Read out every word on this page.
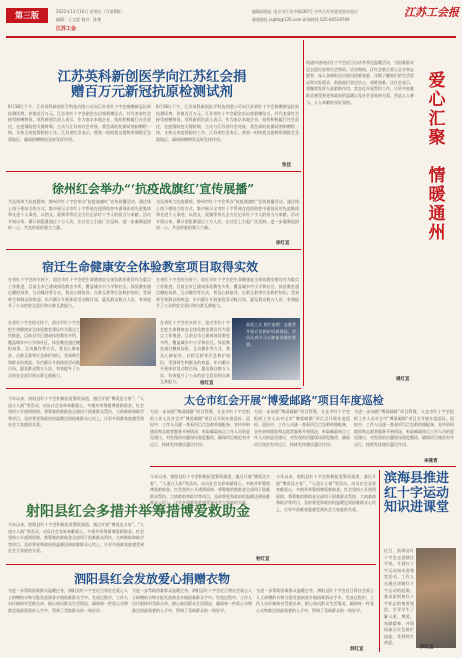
第三版	2022年12月16日 星期五（含第6期）
编辑：王文俊 校对：陈艳
江苏工会
编辑部地址 南京市江东中路265号 中共江苏省委党校东校区
邮箱地址 jsghb@126.com 新闻热线 025-84519789
江苏工会报
江苏英科新创医学向江苏红会捐赠百万元新冠抗原检测试剂
6月18日下午，江苏英科新创医学科技有限公司向江苏省红十字会捐赠新冠抗原检测试剂，价值近百万元。江苏省红十字会副会长出席捐赠仪式，并代表省红会接受捐赠物资。英科新创负责人表示，作为南京本地企业，始终积极履行社会责任，在疫情防控关键时期，主动与江苏省红会对接，将急需的检测试剂捐赠给一线，支持全省疫情防控工作。江苏省红会表示，将第一时间把这批物资调拨至急需地区，确保捐赠物资及时发挥作用。
6月18日下午，江苏英科新创医学科技有限公司向江苏省红十字会捐赠新冠抗原检测试剂，价值近百万元。江苏省红十字会副会长出席捐赠仪式，并代表省红会接受捐赠物资。英科新创负责人表示，作为南京本地企业，始终积极履行社会责任，在疫情防控关键时期，主动与江苏省红会对接，将急需的检测试剂捐赠给一线，支持全省疫情防控工作。江苏省红会表示，将第一时间把这批物资调拨至急需地区，确保捐赠物资及时发挥作用。
张佳
徐州红会举办“‘抗疫战旗红’宣传展播”
为弘扬伟大抗疫精神，徐州市红十字会举办“抗疫战旗红”宣传展播活动，通过线上线下相结合的方式，集中展示全市红十字系统在疫情防控中涌现出的先进集体和先进个人事迹，以图文、视频等形式全方位记录红十字人的担当与奉献。活动开展以来，累计浏览量超过十万人次，在社会上引起广泛反响，进一步凝聚起团结一心、共克时艰的强大力量。
为弘扬伟大抗疫精神，徐州市红十字会举办“抗疫战旗红”宣传展播活动，通过线上线下相结合的方式，集中展示全市红十字系统在疫情防控中涌现出的先进集体和先进个人事迹，以图文、视频等形式全方位记录红十字人的担当与奉献。活动开展以来，累计浏览量超过十万人次，在社会上引起广泛反响，进一步凝聚起团结一心、共克时艰的强大力量。
徐红宣
宿迁生命健康安全体验教室项目取得实效
在省红十字会的支持下，宿迁市红十字会把生命健康安全体验教室建设作为重点工作推进，目前全市已建成体验教室多所，覆盖城乡中小学和社区。体验教室通过模拟场景、互动操作等方式，普及心肺复苏、自救互救等应急救护知识，受到师生和群众的欢迎，年内累计开展体验活动数百场，惠及群众数万人次，有效提升了公众的安全意识和自救互救能力。
在省红十字会的支持下，宿迁市红十字会把生命健康安全体验教室建设作为重点工作推进，目前全市已建成体验教室多所，覆盖城乡中小学和社区。体验教室通过模拟场景、互动操作等方式，普及心肺复苏、自救互救等应急救护知识，受到师生和群众的欢迎，年内累计开展体验活动数百场，惠及群众数万人次，有效提升了公众的安全意识和自救互救能力。
在省红十字会的支持下，宿迁市红十字会把生命健康安全体验教室建设作为重点工作推进，目前全市已建成体验教室多所，覆盖城乡中小学和社区。体验教室通过模拟场景、互动操作等方式，普及心肺复苏、自救互救等应急救护知识，受到师生和群众的欢迎，年内累计开展体验活动数百场，惠及群众数万人次，有效提升了公众的安全意识和自救互救能力。
在省红十字会的支持下，宿迁市红十字会把生命健康安全体验教室建设作为重点工作推进，目前全市已建成体验教室多所，覆盖城乡中小学和社区。体验教室通过模拟场景、互动操作等方式，普及心肺复苏、自救互救等应急救护知识，受到师生和群众的欢迎，年内累计开展体验活动数百场，惠及群众数万人次，有效提升了公众的安全意识和自救互救能力。
星星之火 图片说明：志愿者开展应急救护培训现场，学员认真学习心肺复苏操作要领。
宿红宣
南通市通州区红十字会近日启动冬季送温暖活动，为困难群众送去慰问金和生活物资。活动期间，区红会联合爱心企业和志愿者，深入各镇街走访慰问困难家庭，详细了解他们的生活状况和实际需求，鼓励他们坚定信心、战胜困难。区红会表示，将继续发挥人道救助作用，常态化开展帮扶工作，让更多困难群众感受到党和政府的温暖以及社会各界的关爱，营造人人参与、人人奉献的良好氛围。
爱
心
汇
聚

情
暖
通
州
通红宣
太仓市红会开展“博爱邮路”项目年度巡检
为进一步加强“博爱邮路”项目管理，太仓市红十字会组织工作人员对全市“博爱邮路”项目点开展年度巡检。巡检中，工作人员逐一查看项目点急救药箱配备、宣传资料摆放和志愿者服务开展情况，听取邮政网点工作人员的意见建议，对发现的问题现场督促整改，确保项目规范有序运行，持续发挥便民惠民作用。
为进一步加强“博爱邮路”项目管理，太仓市红十字会组织工作人员对全市“博爱邮路”项目点开展年度巡检。巡检中，工作人员逐一查看项目点急救药箱配备、宣传资料摆放和志愿者服务开展情况，听取邮政网点工作人员的意见建议，对发现的问题现场督促整改，确保项目规范有序运行，持续发挥便民惠民作用。
为进一步加强“博爱邮路”项目管理，太仓市红十字会组织工作人员对全市“博爱邮路”项目点开展年度巡检。巡检中，工作人员逐一查看项目点急救药箱配备、宣传资料摆放和志愿者服务开展情况，听取邮政网点工作人员的意见建议，对发现的问题现场督促整改，确保项目规范有序运行，持续发挥便民惠民作用。
李燕青
今年以来，射阳县红十字会积极拓宽筹资渠道，通过开展“博爱送万家”、“人道万人捐”等活动，动员社会各界奉献爱心，多措并举筹措博爱救助金。红会坚持公开透明原则，将筹集的救助金全部用于困难群众帮扶、大病救助和助学等项目，及时将党和政府的温暖送到困难群众心坎上，让更多困难家庭感受到社会大家庭的关爱。
射阳县红会多措并举筹措博爱救助金
今年以来，射阳县红十字会积极拓宽筹资渠道，通过开展“博爱送万家”、“人道万人捐”等活动，动员社会各界奉献爱心，多措并举筹措博爱救助金。红会坚持公开透明原则，将筹集的救助金全部用于困难群众帮扶、大病救助和助学等项目，及时将党和政府的温暖送到困难群众心坎上，让更多困难家庭感受到社会大家庭的关爱。
今年以来，射阳县红十字会积极拓宽筹资渠道，通过开展“博爱送万家”、“人道万人捐”等活动，动员社会各界奉献爱心，多措并举筹措博爱救助金。红会坚持公开透明原则，将筹集的救助金全部用于困难群众帮扶、大病救助和助学等项目，及时将党和政府的温暖送到困难群众心坎上，让更多困难家庭感受到社会大家庭的关爱。
今年以来，射阳县红十字会积极拓宽筹资渠道，通过开展“博爱送万家”、“人道万人捐”等活动，动员社会各界奉献爱心，多措并举筹措博爱救助金。红会坚持公开透明原则，将筹集的救助金全部用于困难群众帮扶、大病救助和助学等项目，及时将党和政府的温暖送到困难群众心坎上，让更多困难家庭感受到社会大家庭的关爱。
射红宣
泗阳县红会发放爱心捐赠衣物
为进一步帮助困难群众温暖过冬，泗阳县红十字会近日将社会爱心人士捐赠的衣物分批发放到各乡镇困难群众手中。发放过程中，工作人员仔细核对受助名单，耐心询问群众生活情况，确保每一件爱心衣物都送到最需要的人手中，得到了受助群众的一致好评。
为进一步帮助困难群众温暖过冬，泗阳县红十字会近日将社会爱心人士捐赠的衣物分批发放到各乡镇困难群众手中。发放过程中，工作人员仔细核对受助名单，耐心询问群众生活情况，确保每一件爱心衣物都送到最需要的人手中，得到了受助群众的一致好评。
为进一步帮助困难群众温暖过冬，泗阳县红十字会近日将社会爱心人士捐赠的衣物分批发放到各乡镇困难群众手中。发放过程中，工作人员仔细核对受助名单，耐心询问群众生活情况，确保每一件爱心衣物都送到最需要的人手中，得到了受助群众的一致好评。
泗红宣
滨海县推进红十字运动知识进课堂
近日，滨海县红十字会走进辖区学校，开展红十字运动知识进课堂活动。工作人员通过讲解红十字运动的起源、基本原则和红十字标志的使用规范，引导学生了解人道、博爱、奉献精神，并现场演示应急救护技能，受到师生欢迎。
滨红宣
